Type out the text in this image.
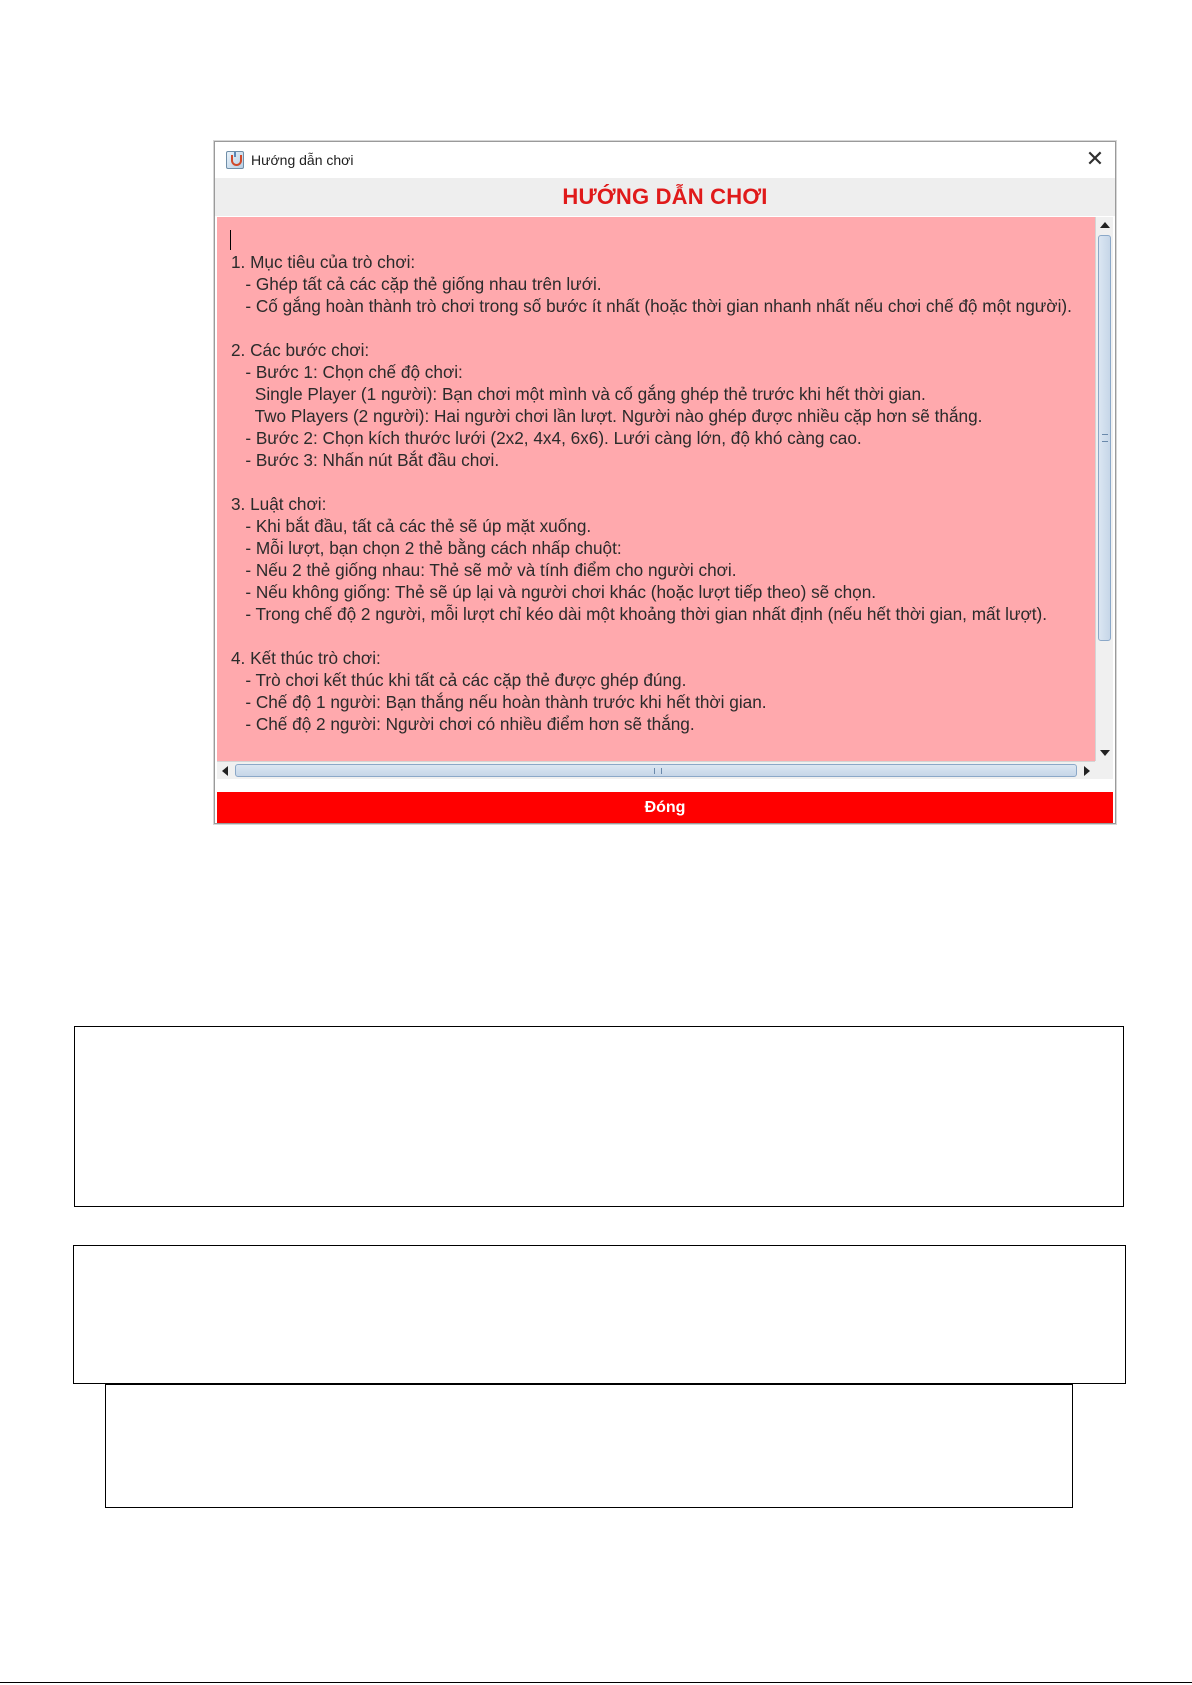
Hướng dẫn chơi	✕
HƯỚNG DẪN CHƠI

1. Mục tiêu của trò chơi:
- Ghép tất cả các cặp thẻ giống nhau trên lưới.
- Cố gắng hoàn thành trò chơi trong số bước ít nhất (hoặc thời gian nhanh nhất nếu chơi chế độ một người).

2. Các bước chơi:
- Bước 1: Chọn chế độ chơi:
Single Player (1 người): Bạn chơi một mình và cố gắng ghép thẻ trước khi hết thời gian.
Two Players (2 người): Hai người chơi lần lượt. Người nào ghép được nhiều cặp hơn sẽ thắng.
- Bước 2: Chọn kích thước lưới (2x2, 4x4, 6x6). Lưới càng lớn, độ khó càng cao.
- Bước 3: Nhấn nút Bắt đầu chơi.

3. Luật chơi:
- Khi bắt đầu, tất cả các thẻ sẽ úp mặt xuống.
- Mỗi lượt, bạn chọn 2 thẻ bằng cách nhấp chuột:
- Nếu 2 thẻ giống nhau: Thẻ sẽ mở và tính điểm cho người chơi.
- Nếu không giống: Thẻ sẽ úp lại và người chơi khác (hoặc lượt tiếp theo) sẽ chọn.
- Trong chế độ 2 người, mỗi lượt chỉ kéo dài một khoảng thời gian nhất định (nếu hết thời gian, mất lượt).

4. Kết thúc trò chơi:
- Trò chơi kết thúc khi tất cả các cặp thẻ được ghép đúng.
- Chế độ 1 người: Bạn thắng nếu hoàn thành trước khi hết thời gian.
- Chế độ 2 người: Người chơi có nhiều điểm hơn sẽ thắng.

Đóng
